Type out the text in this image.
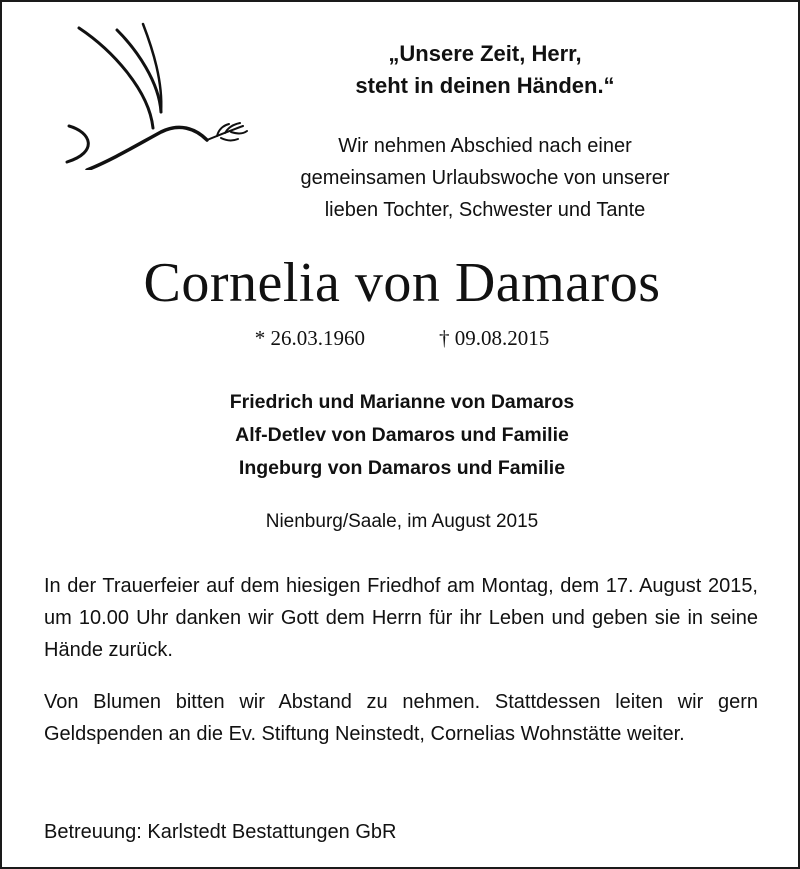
„Unsere Zeit, Herr,
steht in deinen Händen.“
Wir nehmen Abschied nach einer
gemeinsamen Urlaubswoche von unserer
lieben Tochter, Schwester und Tante
Cornelia von Damaros
* 26.03.1960	† 09.08.2015
Friedrich und Marianne von Damaros
Alf-Detlev von Damaros und Familie
Ingeburg von Damaros und Familie
Nienburg/Saale, im August 2015
In der Trauerfeier auf dem hiesigen Friedhof am Montag, dem 17. August 2015, um 10.00 Uhr danken wir Gott dem Herrn für ihr Leben und geben sie in seine Hände zurück.
Von Blumen bitten wir Abstand zu nehmen. Stattdessen leiten wir gern Geldspenden an die Ev. Stiftung Neinstedt, Cornelias Wohnstätte weiter.
Betreuung: Karlstedt Bestattungen GbR
